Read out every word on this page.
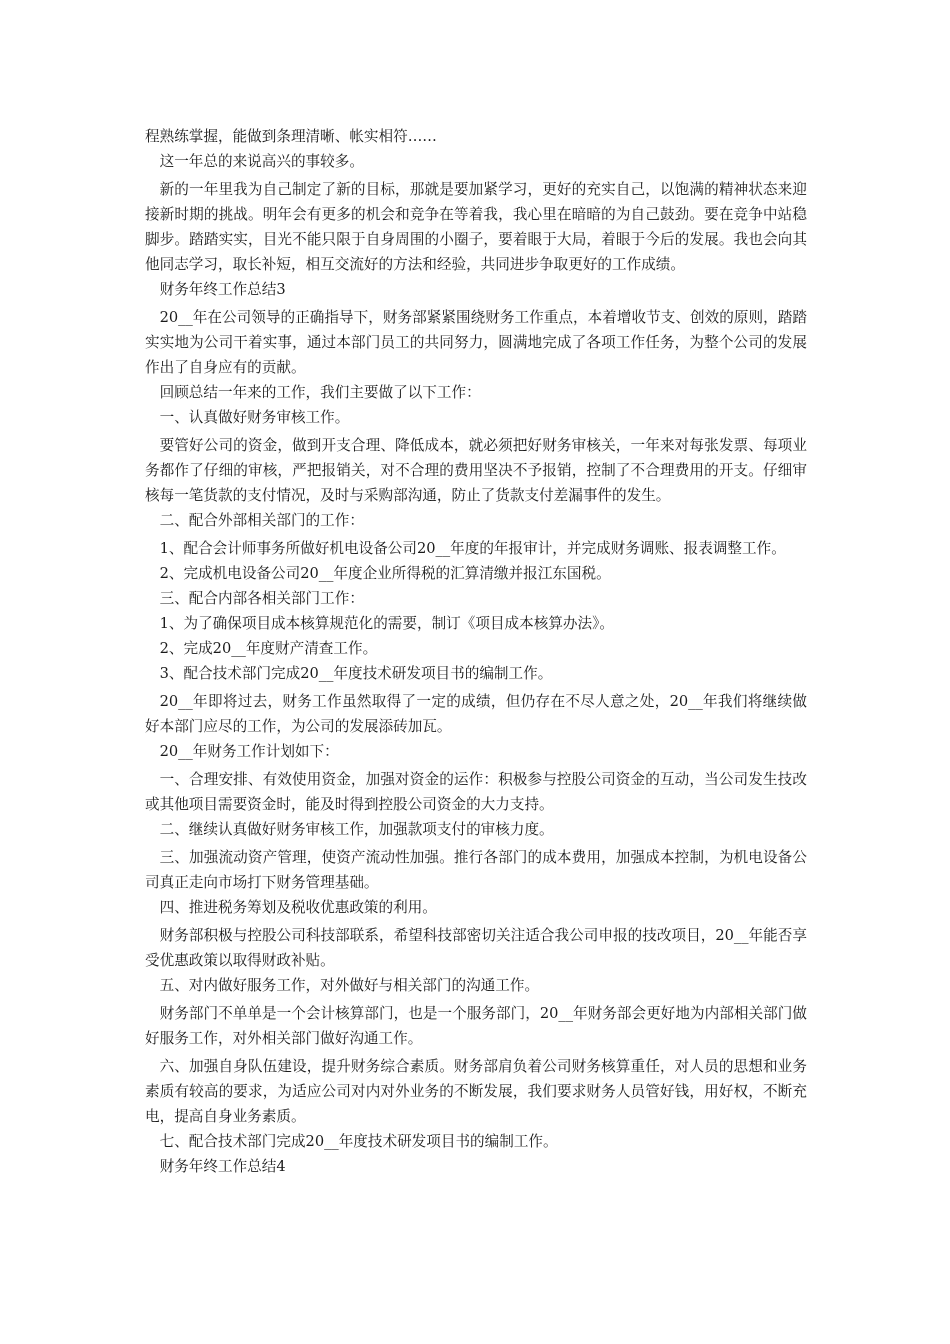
程熟练掌握，能做到条理清晰、帐实相符……

这一年总的来说高兴的事较多。

新的一年里我为自己制定了新的目标，那就是要加紧学习，更好的充实自己，以饱满的精神状态来迎接新时期的挑战。明年会有更多的机会和竞争在等着我，我心里在暗暗的为自己鼓劲。要在竞争中站稳脚步。踏踏实实，目光不能只限于自身周围的小圈子，要着眼于大局，着眼于今后的发展。我也会向其他同志学习，取长补短，相互交流好的方法和经验，共同进步争取更好的工作成绩。

财务年终工作总结3

20__年在公司领导的正确指导下，财务部紧紧围绕财务工作重点，本着增收节支、创效的原则，踏踏实实地为公司干着实事，通过本部门员工的共同努力，圆满地完成了各项工作任务，为整个公司的发展作出了自身应有的贡献。

回顾总结一年来的工作，我们主要做了以下工作：

一、认真做好财务审核工作。

要管好公司的资金，做到开支合理、降低成本，就必须把好财务审核关，一年来对每张发票、每项业务都作了仔细的审核，严把报销关，对不合理的费用坚决不予报销，控制了不合理费用的开支。仔细审核每一笔货款的支付情况，及时与采购部沟通，防止了货款支付差漏事件的发生。

二、配合外部相关部门的工作：

1、配合会计师事务所做好机电设备公司20__年度的年报审计，并完成财务调账、报表调整工作。

2、完成机电设备公司20__年度企业所得税的汇算清缴并报江东国税。

三、配合内部各相关部门工作：

1、为了确保项目成本核算规范化的需要，制订《项目成本核算办法》。

2、完成20__年度财产清查工作。

3、配合技术部门完成20__年度技术研发项目书的编制工作。

20__年即将过去，财务工作虽然取得了一定的成绩，但仍存在不尽人意之处，20__年我们将继续做好本部门应尽的工作，为公司的发展添砖加瓦。

20__年财务工作计划如下：

一、合理安排、有效使用资金，加强对资金的运作：积极参与控股公司资金的互动，当公司发生技改或其他项目需要资金时，能及时得到控股公司资金的大力支持。

二、继续认真做好财务审核工作，加强款项支付的审核力度。

三、加强流动资产管理，使资产流动性加强。推行各部门的成本费用，加强成本控制，为机电设备公司真正走向市场打下财务管理基础。

四、推进税务筹划及税收优惠政策的利用。

财务部积极与控股公司科技部联系，希望科技部密切关注适合我公司申报的技改项目，20__年能否享受优惠政策以取得财政补贴。

五、对内做好服务工作，对外做好与相关部门的沟通工作。

财务部门不单单是一个会计核算部门，也是一个服务部门，20__年财务部会更好地为内部相关部门做好服务工作，对外相关部门做好沟通工作。

六、加强自身队伍建设，提升财务综合素质。财务部肩负着公司财务核算重任，对人员的思想和业务素质有较高的要求，为适应公司对内对外业务的不断发展，我们要求财务人员管好钱，用好权，不断充电，提高自身业务素质。

七、配合技术部门完成20__年度技术研发项目书的编制工作。

财务年终工作总结4
